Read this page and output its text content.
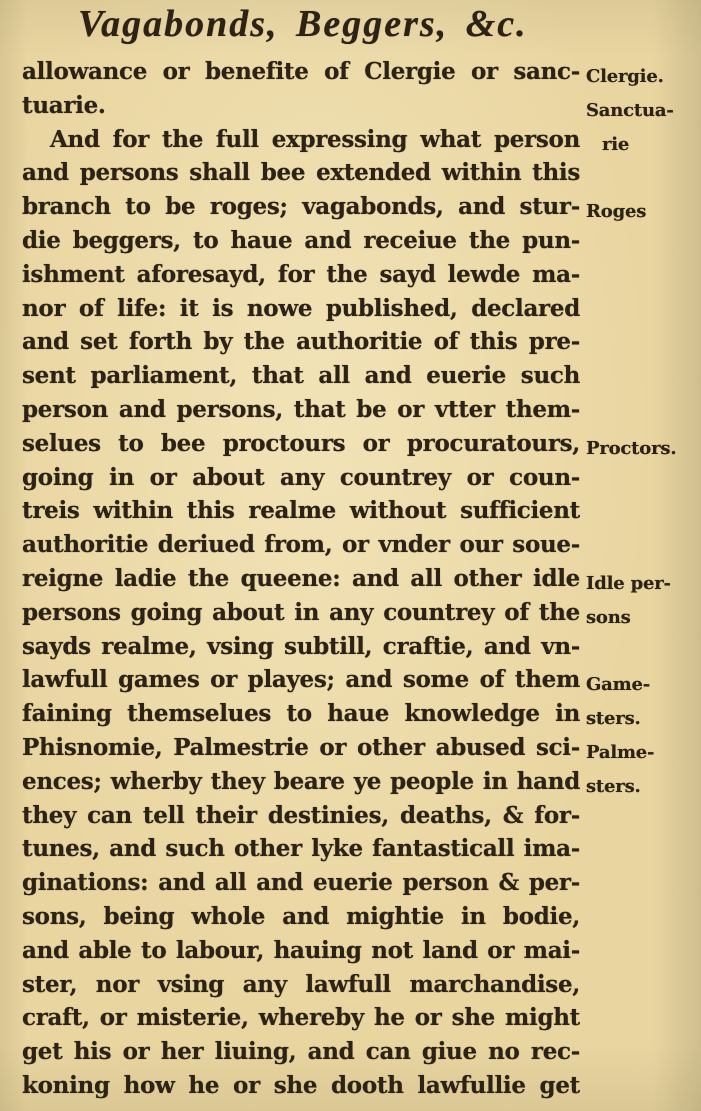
Vagabonds, Beggers, &c.
allowance or benefite of Clergie or sanc-
tuarie.
And for the full expressing what person
and persons shall bee extended within this
branch to be roges; vagabonds, and stur-
die beggers, to haue and receiue the pun-
ishment aforesayd, for the sayd lewde ma-
nor of life: it is nowe published, declared
and set forth by the authoritie of this pre-
sent parliament, that all and euerie such
person and persons, that be or vtter them-
selues to bee proctours or procuratours,
going in or about any countrey or coun-
treis within this realme without sufficient
authoritie deriued from, or vnder our soue-
reigne ladie the queene: and all other idle
persons going about in any countrey of the
sayds realme, vsing subtill, craftie, and vn-
lawfull games or playes; and some of them
faining themselues to haue knowledge in
Phisnomie, Palmestrie or other abused sci-
ences; wherby they beare ye people in hand
they can tell their destinies, deaths, & for-
tunes, and such other lyke fantasticall ima-
ginations: and all and euerie person & per-
sons, being whole and mightie in bodie,
and able to labour, hauing not land or mai-
ster, nor vsing any lawfull marchandise,
craft, or misterie, whereby he or she might
get his or her liuing, and can giue no rec-
koning how he or she dooth lawfullie get
Clergie.
Sanctua-
rie
Roges
Proctors.
Idle per-
sons
Game-
sters.
Palme-
sters.
